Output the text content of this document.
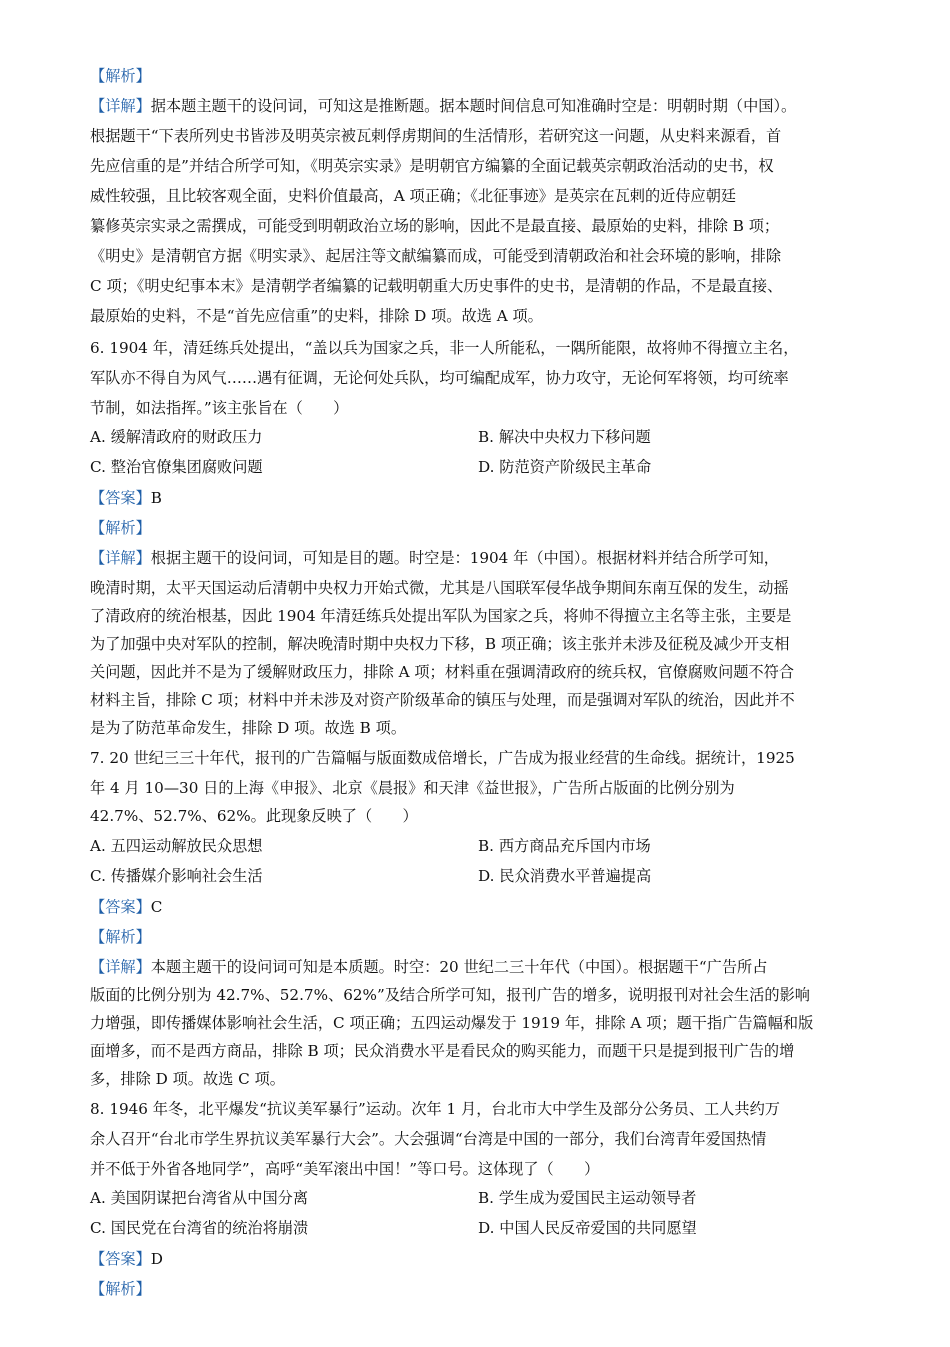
【解析】
【详解】据本题主题干的设问词，可知这是推断题。据本题时间信息可知准确时空是：明朝时期（中国）。
根据题干“下表所列史书皆涉及明英宗被瓦剌俘虏期间的生活情形，若研究这一问题，从史料来源看，首
先应信重的是”并结合所学可知，《明英宗实录》是明朝官方编纂的全面记载英宗朝政治活动的史书，权
威性较强，且比较客观全面，史料价值最高，A 项正确；《北征事迹》是英宗在瓦剌的近侍应朝廷
纂修英宗实录之需撰成，可能受到明朝政治立场的影响，因此不是最直接、最原始的史料，排除 B 项；
《明史》是清朝官方据《明实录》、起居注等文献编纂而成，可能受到清朝政治和社会环境的影响，排除
C 项；《明史纪事本末》是清朝学者编纂的记载明朝重大历史事件的史书，是清朝的作品，不是最直接、
最原始的史料，不是“首先应信重”的史料，排除 D 项。故选 A 项。
6. 1904 年，清廷练兵处提出，“盖以兵为国家之兵，非一人所能私，一隅所能限，故将帅不得擅立主名，
军队亦不得自为风气……遇有征调，无论何处兵队，均可编配成军，协力攻守，无论何军将领，均可统率
节制，如法指挥。”该主张旨在（　　）
【答案】B
【解析】
【详解】根据主题干的设问词，可知是目的题。时空是：1904 年（中国）。根据材料并结合所学可知，
晚清时期，太平天国运动后清朝中央权力开始式微，尤其是八国联军侵华战争期间东南互保的发生，动摇
了清政府的统治根基，因此 1904 年清廷练兵处提出军队为国家之兵，将帅不得擅立主名等主张，主要是
为了加强中央对军队的控制，解决晚清时期中央权力下移，B 项正确；该主张并未涉及征税及减少开支相
关问题，因此并不是为了缓解财政压力，排除 A 项；材料重在强调清政府的统兵权，官僚腐败问题不符合
材料主旨，排除 C 项；材料中并未涉及对资产阶级革命的镇压与处理，而是强调对军队的统治，因此并不
是为了防范革命发生，排除 D 项。故选 B 项。
7. 20 世纪三三十年代，报刊的广告篇幅与版面数成倍增长，广告成为报业经营的生命线。据统计，1925
年 4 月 10—30 日的上海《申报》、北京《晨报》和天津《益世报》，广告所占版面的比例分别为
42.7%、52.7%、62%。此现象反映了（　　）
【答案】C
【解析】
【详解】本题主题干的设问词可知是本质题。时空：20 世纪二三十年代（中国）。根据题干“广告所占
版面的比例分别为 42.7%、52.7%、62%”及结合所学可知，报刊广告的增多，说明报刊对社会生活的影响
力增强，即传播媒体影响社会生活，C 项正确；五四运动爆发于 1919 年，排除 A 项；题干指广告篇幅和版
面增多，而不是西方商品，排除 B 项；民众消费水平是看民众的购买能力，而题干只是提到报刊广告的增
多，排除 D 项。故选 C 项。
8. 1946 年冬，北平爆发“抗议美军暴行”运动。次年 1 月，台北市大中学生及部分公务员、工人共约万
余人召开“台北市学生界抗议美军暴行大会”。大会强调“台湾是中国的一部分，我们台湾青年爱国热情
并不低于外省各地同学”，高呼“美军滚出中国！”等口号。这体现了（　　）
【答案】D
【解析】
A. 缓解清政府的财政压力	B. 解决中央权力下移问题
C. 整治官僚集团腐败问题	D. 防范资产阶级民主革命
A. 五四运动解放民众思想	B. 西方商品充斥国内市场
C. 传播媒介影响社会生活	D. 民众消费水平普遍提高
A. 美国阴谋把台湾省从中国分离	B. 学生成为爱国民主运动领导者
C. 国民党在台湾省的统治将崩溃	D. 中国人民反帝爱国的共同愿望
